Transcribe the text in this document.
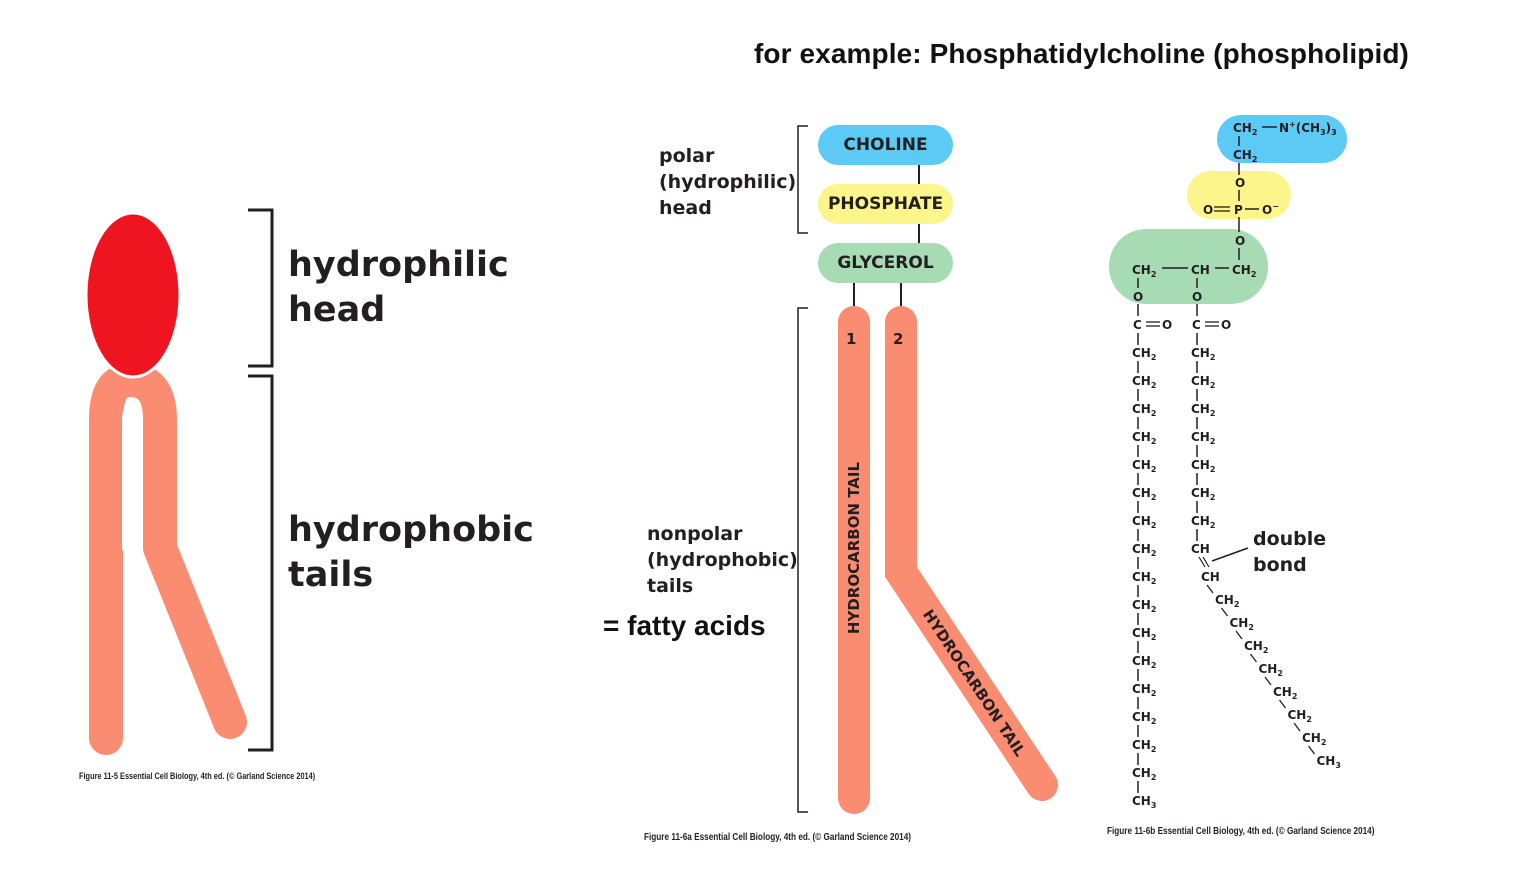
for example: Phosphatidylcholine (phospholipid)
hydrophilic
head
hydrophobic
tails
Figure 11-5 Essential Cell Biology, 4th ed. (© Garland Science 2014)
CHOLINE
PHOSPHATE
GLYCEROL
1 2
HYDROCARBON TAIL
HYDROCARBON TAIL
polar
(hydrophilic)
head
nonpolar
(hydrophobic)
tails
= fatty acids
Figure 11-6a Essential Cell Biology, 4th ed. (© Garland Science 2014)
$CH_2$ $N^+(CH_3)_3$
$CH_2$
O
O P O−
O
$CH_2$	CH $CH_2$
O	O
C O C O
$CH_2$
$CH_2$
$CH_2$
$CH_2$
$CH_2$
$CH_2$
$CH_2$
$CH_2$
$CH_2$
$CH_2$
$CH_2$
$CH_2$
$CH_2$
$CH_2$
$CH_2$
$CH_2$
$CH_3$
$CH_2$
$CH_2$
$CH_2$
$CH_2$
$CH_2$
$CH_2$
$CH_2$
CH
CH
$CH_2$
$CH_2$
$CH_2$
$CH_2$
$CH_2$
$CH_2$
$CH_2$
$CH_3$
double
bond
Figure 11-6b Essential Cell Biology, 4th ed. (© Garland Science 2014)
